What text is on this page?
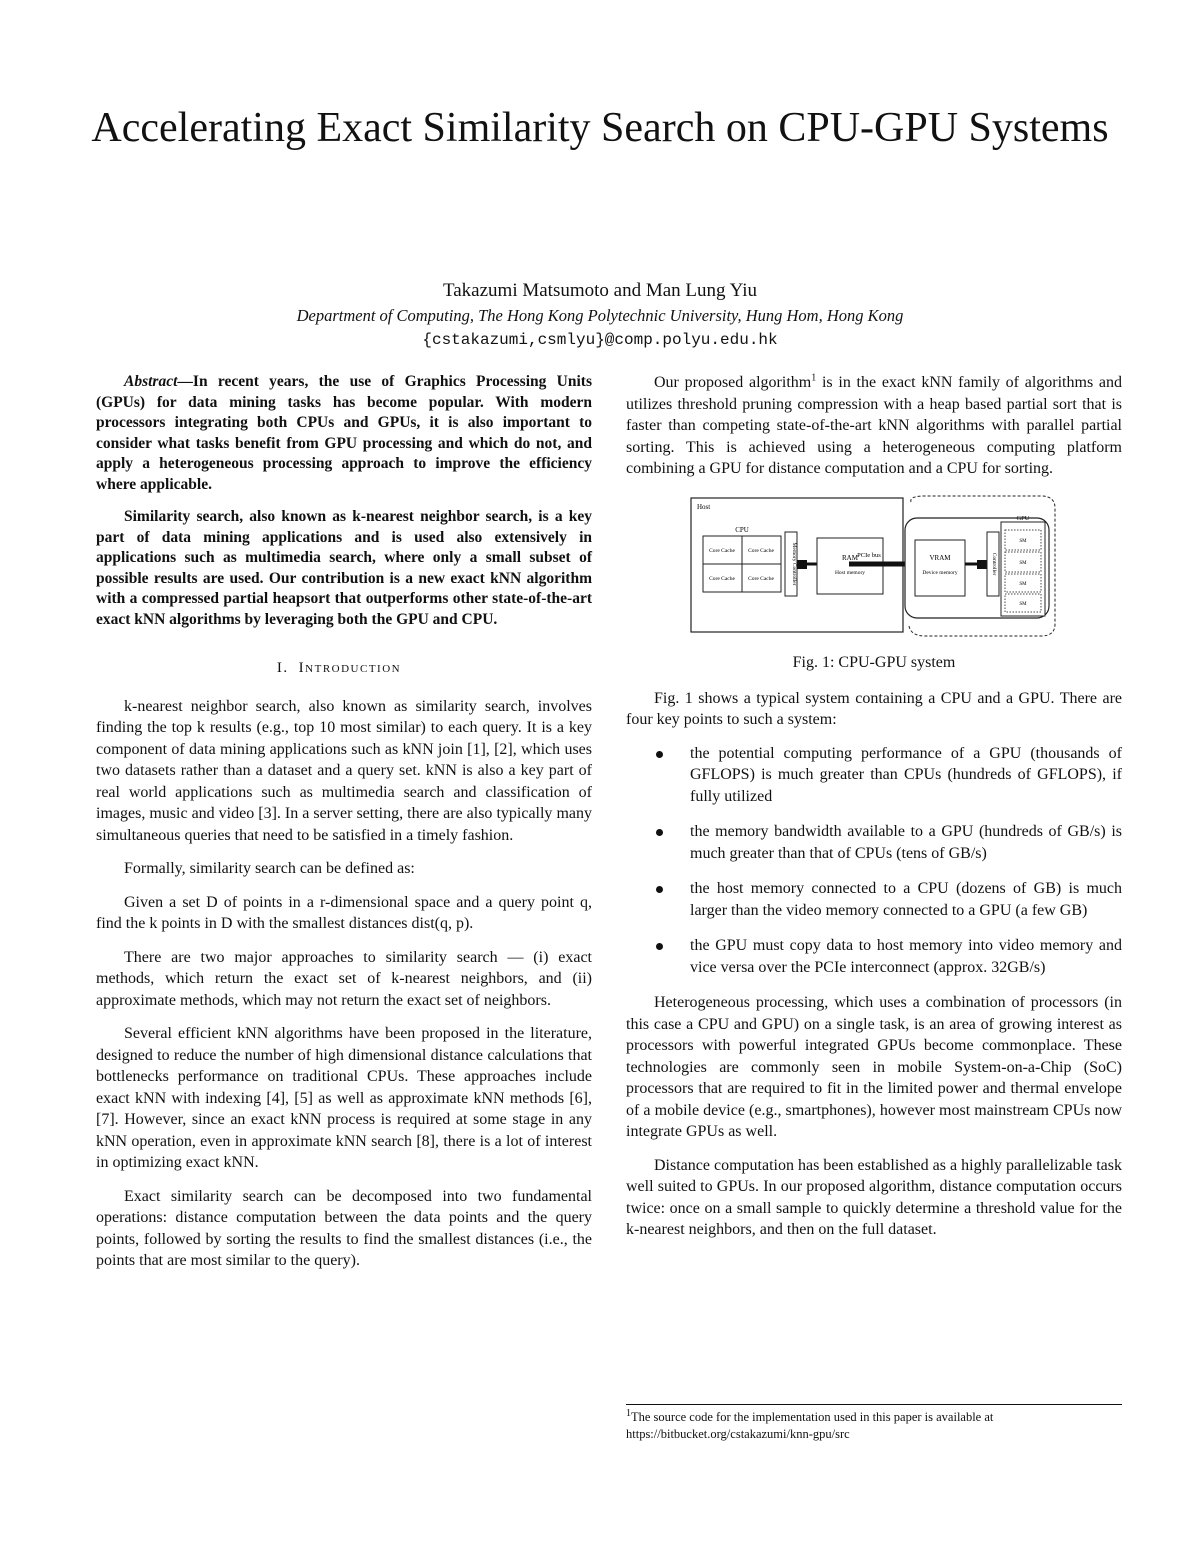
Accelerating Exact Similarity Search on CPU-GPU Systems
Takazumi Matsumoto and Man Lung Yiu
Department of Computing, The Hong Kong Polytechnic University, Hung Hom, Hong Kong
{cstakazumi,csmlyu}@comp.polyu.edu.hk

Abstract—In recent years, the use of Graphics Processing Units (GPUs) for data mining tasks has become popular. With modern processors integrating both CPUs and GPUs, it is also important to consider what tasks benefit from GPU processing and which do not, and apply a heterogeneous processing approach to improve the efficiency where applicable.

Similarity search, also known as k-nearest neighbor search, is a key part of data mining applications and is used also extensively in applications such as multimedia search, where only a small subset of possible results are used. Our contribution is a new exact kNN algorithm with a compressed partial heapsort that outperforms other state-of-the-art exact kNN algorithms by leveraging both the GPU and CPU.

I. Introduction

k-nearest neighbor search, also known as similarity search, involves finding the top k results (e.g., top 10 most similar) to each query. It is a key component of data mining applications such as kNN join [1], [2], which uses two datasets rather than a dataset and a query set. kNN is also a key part of real world applications such as multimedia search and classification of images, music and video [3]. In a server setting, there are also typically many simultaneous queries that need to be satisfied in a timely fashion.

Formally, similarity search can be defined as:

Given a set D of points in a r-dimensional space and a query point q, find the k points in D with the smallest distances dist(q, p).

There are two major approaches to similarity search — (i) exact methods, which return the exact set of k-nearest neighbors, and (ii) approximate methods, which may not return the exact set of neighbors.

Several efficient kNN algorithms have been proposed in the literature, designed to reduce the number of high dimensional distance calculations that bottlenecks performance on traditional CPUs. These approaches include exact kNN with indexing [4], [5] as well as approximate kNN methods [6], [7]. However, since an exact kNN process is required at some stage in any kNN operation, even in approximate kNN search [8], there is a lot of interest in optimizing exact kNN.

Exact similarity search can be decomposed into two fundamental operations: distance computation between the data points and the query points, followed by sorting the results to find the smallest distances (i.e., the points that are most similar to the query).

Our proposed algorithm$^1$ is in the exact kNN family of algorithms and utilizes threshold pruning compression with a heap based partial sort that is faster than competing state-of-the-art kNN algorithms with parallel partial sorting. This is achieved using a heterogeneous computing platform combining a GPU for distance computation and a CPU for sorting.

Host
CPU
Core Cache Core Cache
Core Cache Core Cache	Memory Controller	RAM
Host memory
PCIe bus	VRAM
Device memory	Controller
GPU
SM
SM
SM
SM
Fig. 1: CPU-GPU system

Fig. 1 shows a typical system containing a CPU and a GPU. There are four key points to such a system:

the potential computing performance of a GPU (thousands of GFLOPS) is much greater than CPUs (hundreds of GFLOPS), if fully utilized
the memory bandwidth available to a GPU (hundreds of GB/s) is much greater than that of CPUs (tens of GB/s)
the host memory connected to a CPU (dozens of GB) is much larger than the video memory connected to a GPU (a few GB)
the GPU must copy data to host memory into video memory and vice versa over the PCIe interconnect (approx. 32GB/s)

Heterogeneous processing, which uses a combination of processors (in this case a CPU and GPU) on a single task, is an area of growing interest as processors with powerful integrated GPUs become commonplace. These technologies are commonly seen in mobile System-on-a-Chip (SoC) processors that are required to fit in the limited power and thermal envelope of a mobile device (e.g., smartphones), however most mainstream CPUs now integrate GPUs as well.

Distance computation has been established as a highly parallelizable task well suited to GPUs. In our proposed algorithm, distance computation occurs twice: once on a small sample to quickly determine a threshold value for the k-nearest neighbors, and then on the full dataset.

$^1$The source code for the implementation used in this paper is available at https://bitbucket.org/cstakazumi/knn-gpu/src
